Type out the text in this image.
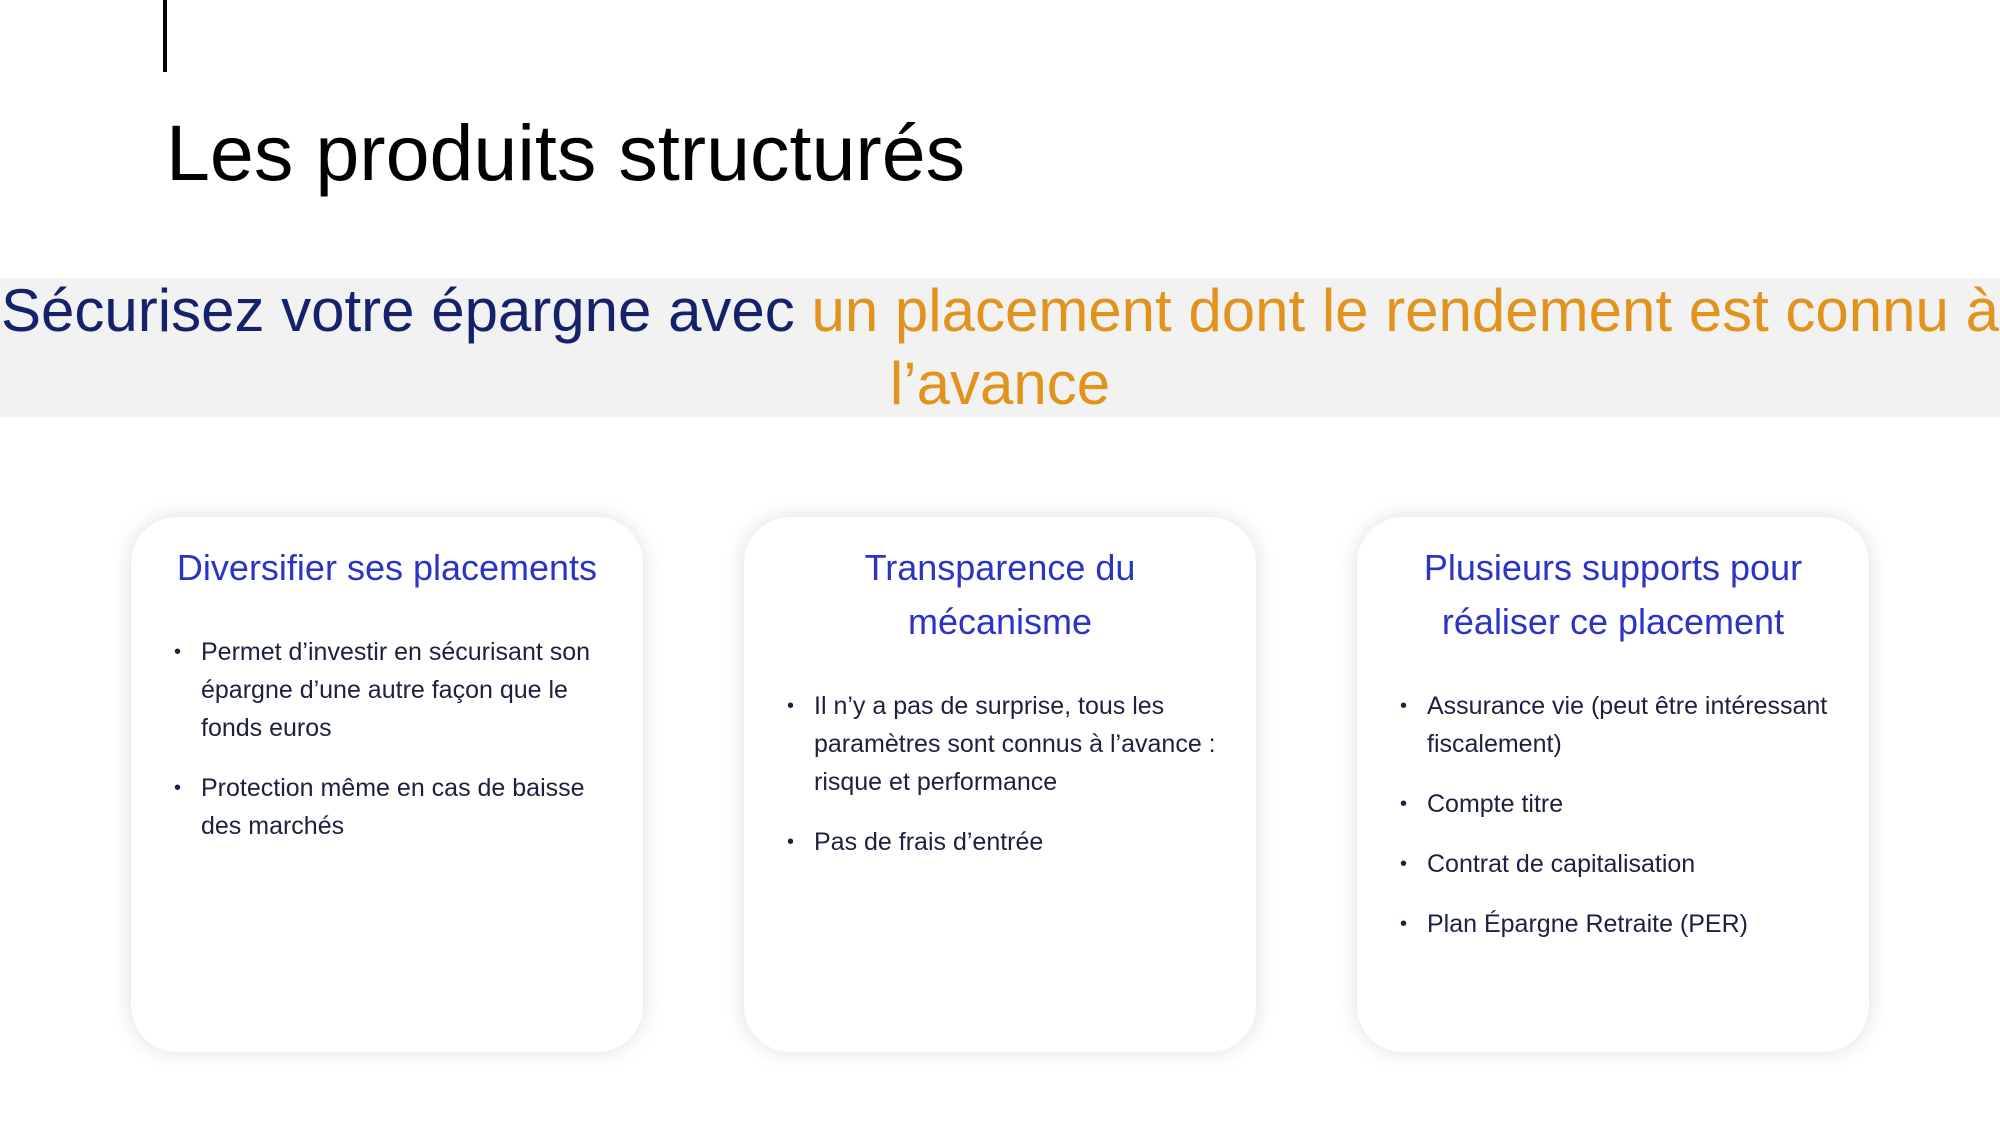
Les produits structurés
Sécurisez votre épargne avec un placement dont le rendement est connu à l’avance
Diversifier ses placements
• Permet d’investir en sécurisant son épargne d’une autre façon que le fonds euros
• Protection même en cas de baisse des marchés
Transparence du mécanisme
• Il n’y a pas de surprise, tous les paramètres sont connus à l’avance : risque et performance
• Pas de frais d’entrée
Plusieurs supports pour réaliser ce placement
• Assurance vie (peut être intéressant fiscalement)
• Compte titre
• Contrat de capitalisation
• Plan Épargne Retraite (PER)
